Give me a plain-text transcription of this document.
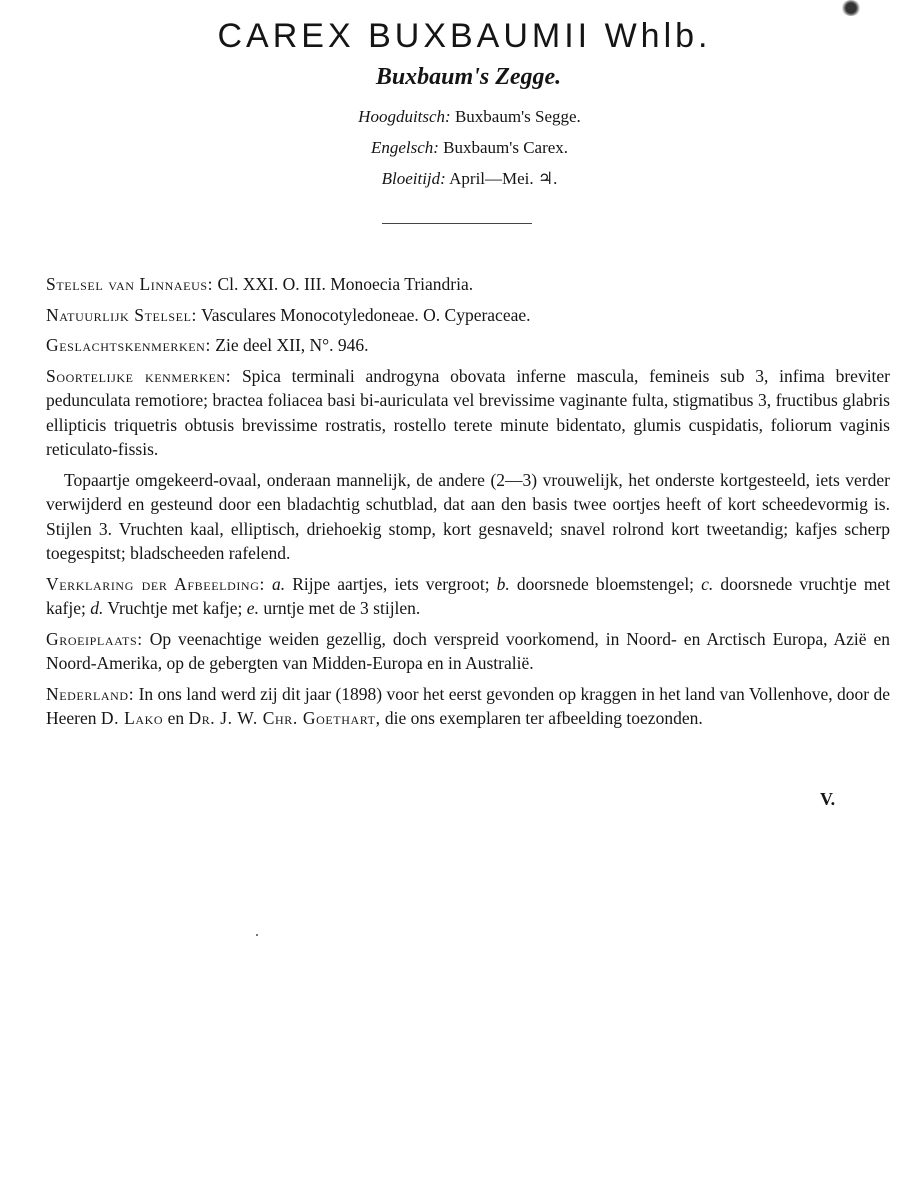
CAREX BUXBAUMII Whlb.
Buxbaum's Zegge.
Hoogduitsch: Buxbaum's Segge.
Engelsch: Buxbaum's Carex.
Bloeitijd: April—Mei. ♃.

Stelsel van Linnaeus: Cl. XXI. O. III. Monoecia Triandria.

Natuurlijk Stelsel: Vasculares Monocotyledoneae. O. Cyperaceae.

Geslachtskenmerken: Zie deel XII, N°. 946.

Soortelijke kenmerken: Spica terminali androgyna obovata inferne mascula, femineis sub 3, infima breviter pedunculata remotiore; bractea foliacea basi bi-auriculata vel brevissime vaginante fulta, stigmatibus 3, fructibus glabris ellipticis triquetris obtusis brevissime rostratis, rostello terete minute bidentato, glumis cuspidatis, foliorum vaginis reticulato-fissis.

Topaartje omgekeerd-ovaal, onderaan mannelijk, de andere (2—3) vrouwelijk, het onderste kortgesteeld, iets verder verwijderd en gesteund door een bladachtig schutblad, dat aan den basis twee oortjes heeft of kort scheedevormig is. Stijlen 3. Vruchten kaal, elliptisch, driehoekig stomp, kort gesnaveld; snavel rolrond kort tweetandig; kafjes scherp toegespitst; bladscheeden rafelend.

Verklaring der Afbeelding: a. Rijpe aartjes, iets vergroot; b. doorsnede bloemstengel; c. doorsnede vruchtje met kafje; d. Vruchtje met kafje; e. urntje met de 3 stijlen.

Groeiplaats: Op veenachtige weiden gezellig, doch verspreid voorkomend, in Noord- en Arctisch Europa, Azië en Noord-Amerika, op de gebergten van Midden-Europa en in Australië.

Nederland: In ons land werd zij dit jaar (1898) voor het eerst gevonden op kraggen in het land van Vollenhove, door de Heeren D. Lako en Dr. J. W. Chr. Goethart, die ons exemplaren ter afbeelding toezonden.

V.
